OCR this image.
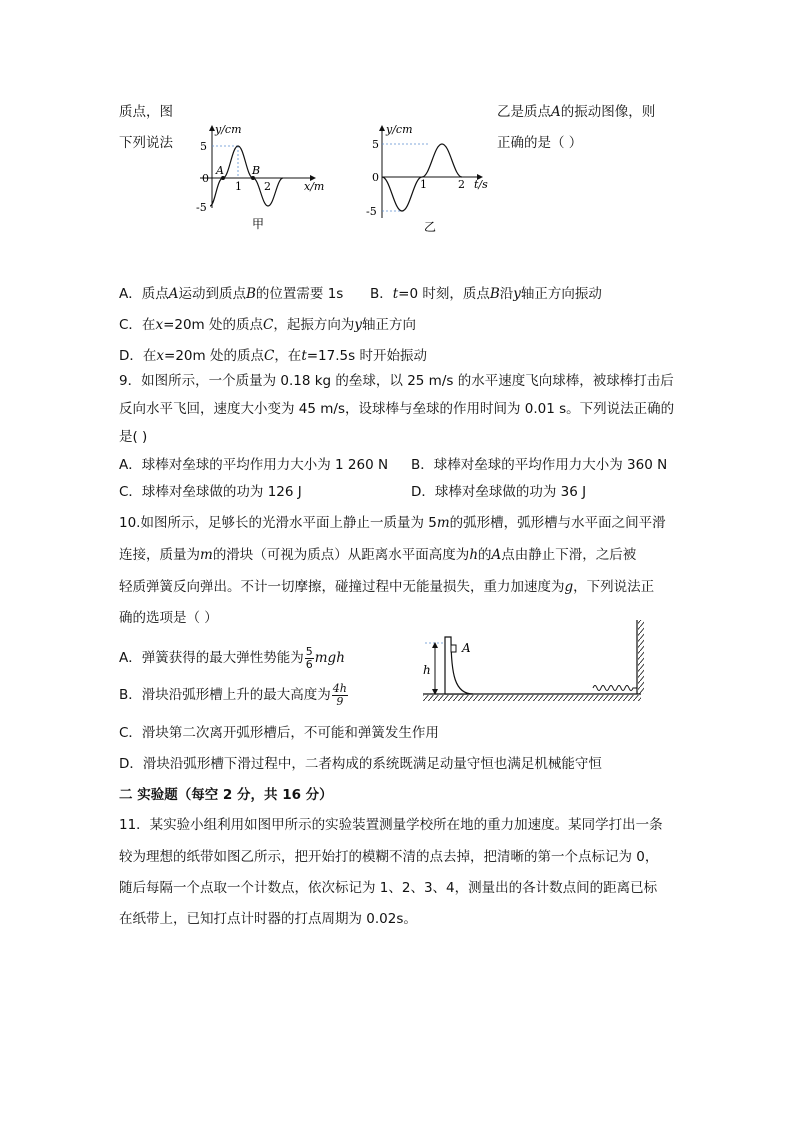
质点，图
下列说法
乙是质点A的振动图像，则
正确的是（ ）
y/cm
5
0
-5
1 2
A	B
x/m
甲
y/cm
5
0
-5
1	2 t/s
乙
A．质点A运动到质点B的位置需要 1s B．t=0 时刻，质点B沿y轴正方向振动
C．在x=20m 处的质点C，起振方向为y轴正方向
D．在x=20m 处的质点C，在t=17.5s 时开始振动
9．如图所示，一个质量为 0.18 kg 的垒球，以 25 m/s 的水平速度飞向球棒，被球棒打击后
反向水平飞回，速度大小变为 45 m/s，设球棒与垒球的作用时间为 0.01 s。下列说法正确的
是( )
A．球棒对垒球的平均作用力大小为 1 260 N B．球棒对垒球的平均作用力大小为 360 N
C．球棒对垒球做的功为 126 J	D．球棒对垒球做的功为 36 J
10.如图所示，足够长的光滑水平面上静止一质量为 5m的弧形槽，弧形槽与水平面之间平滑
连接，质量为m的滑块（可视为质点）从距离水平面高度为h的A点由静止下滑，之后被
轻质弹簧反向弹出。不计一切摩擦，碰撞过程中无能量损失，重力加速度为g，下列说法正
确的选项是（ ）
A．弹簧获得的最大弹性势能为 $\frac{5}{6}$ mgh
B．滑块沿弧形槽上升的最大高度为 $\frac{4h}{9}$
C．滑块第二次离开弧形槽后，不可能和弹簧发生作用
D．滑块沿弧形槽下滑过程中，二者构成的系统既满足动量守恒也满足机械能守恒
h
A
二 实验题（每空 2 分，共 16 分）
11．某实验小组利用如图甲所示的实验装置测量学校所在地的重力加速度。某同学打出一条
较为理想的纸带如图乙所示，把开始打的模糊不清的点去掉，把清晰的第一个点标记为 0，
随后每隔一个点取一个计数点，依次标记为 1、2、3、4，测量出的各计数点间的距离已标
在纸带上，已知打点计时器的打点周期为 0.02s。
